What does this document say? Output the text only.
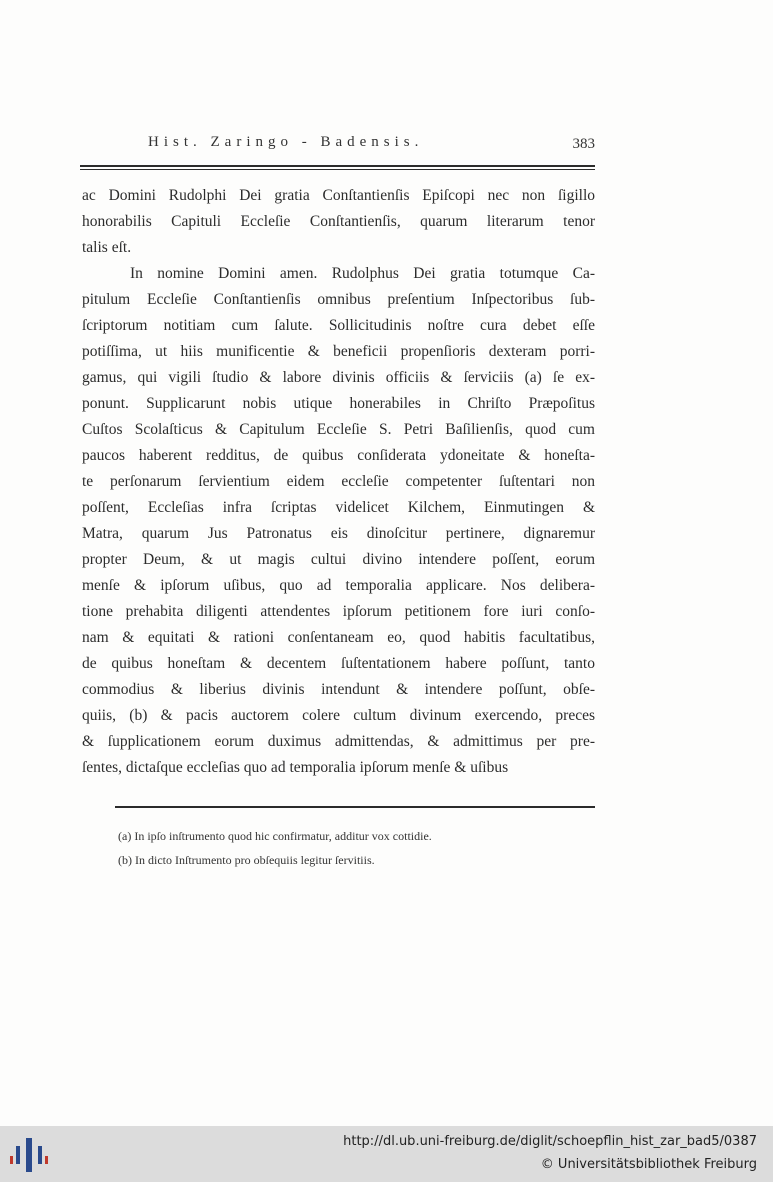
Hist. Zaringo - Badensis.	383
ac Domini Rudolphi Dei gratia Conſtantienſis Epiſcopi nec non ſigillo
honorabilis Capituli Eccleſie Conſtantienſis, quarum literarum tenor
talis eſt.
In nomine Domini amen. Rudolphus Dei gratia totumque Ca-
pitulum Eccleſie Conſtantienſis omnibus preſentium Inſpectoribus ſub-
ſcriptorum notitiam cum ſalute. Sollicitudinis noſtre cura debet eſſe
potiſſima, ut hiis munificentie & beneficii propenſioris dexteram porri-
gamus, qui vigili ſtudio & labore divinis officiis & ſerviciis (a) ſe ex-
ponunt. Supplicarunt nobis utique honerabiles in Chriſto Præpoſitus
Cuſtos Scolaſticus & Capitulum Eccleſie S. Petri Baſilienſis, quod cum
paucos haberent redditus, de quibus conſiderata ydoneitate & honeſta-
te perſonarum ſervientium eidem eccleſie competenter ſuſtentari non
poſſent, Eccleſias infra ſcriptas videlicet Kilchem, Einmutingen &
Matra, quarum Jus Patronatus eis dinoſcitur pertinere, dignaremur
propter Deum, & ut magis cultui divino intendere poſſent, eorum
menſe & ipſorum uſibus, quo ad temporalia applicare. Nos delibera-
tione prehabita diligenti attendentes ipſorum petitionem fore iuri conſo-
nam & equitati & rationi conſentaneam eo, quod habitis facultatibus,
de quibus honeſtam & decentem ſuſtentationem habere poſſunt, tanto
commodius & liberius divinis intendunt & intendere poſſunt, obſe-
quiis, (b) & pacis auctorem colere cultum divinum exercendo, preces
& ſupplicationem eorum duximus admittendas, & admittimus per pre-
ſentes, dictaſque eccleſias quo ad temporalia ipſorum menſe & uſibus
(a) In ipſo inſtrumento quod hic confirmatur, additur vox cottidie.
(b) In dicto Inſtrumento pro obſequiis legitur ſervitiis.
http://dl.ub.uni-freiburg.de/diglit/schoepflin_hist_zar_bad5/0387
© Universitätsbibliothek Freiburg
